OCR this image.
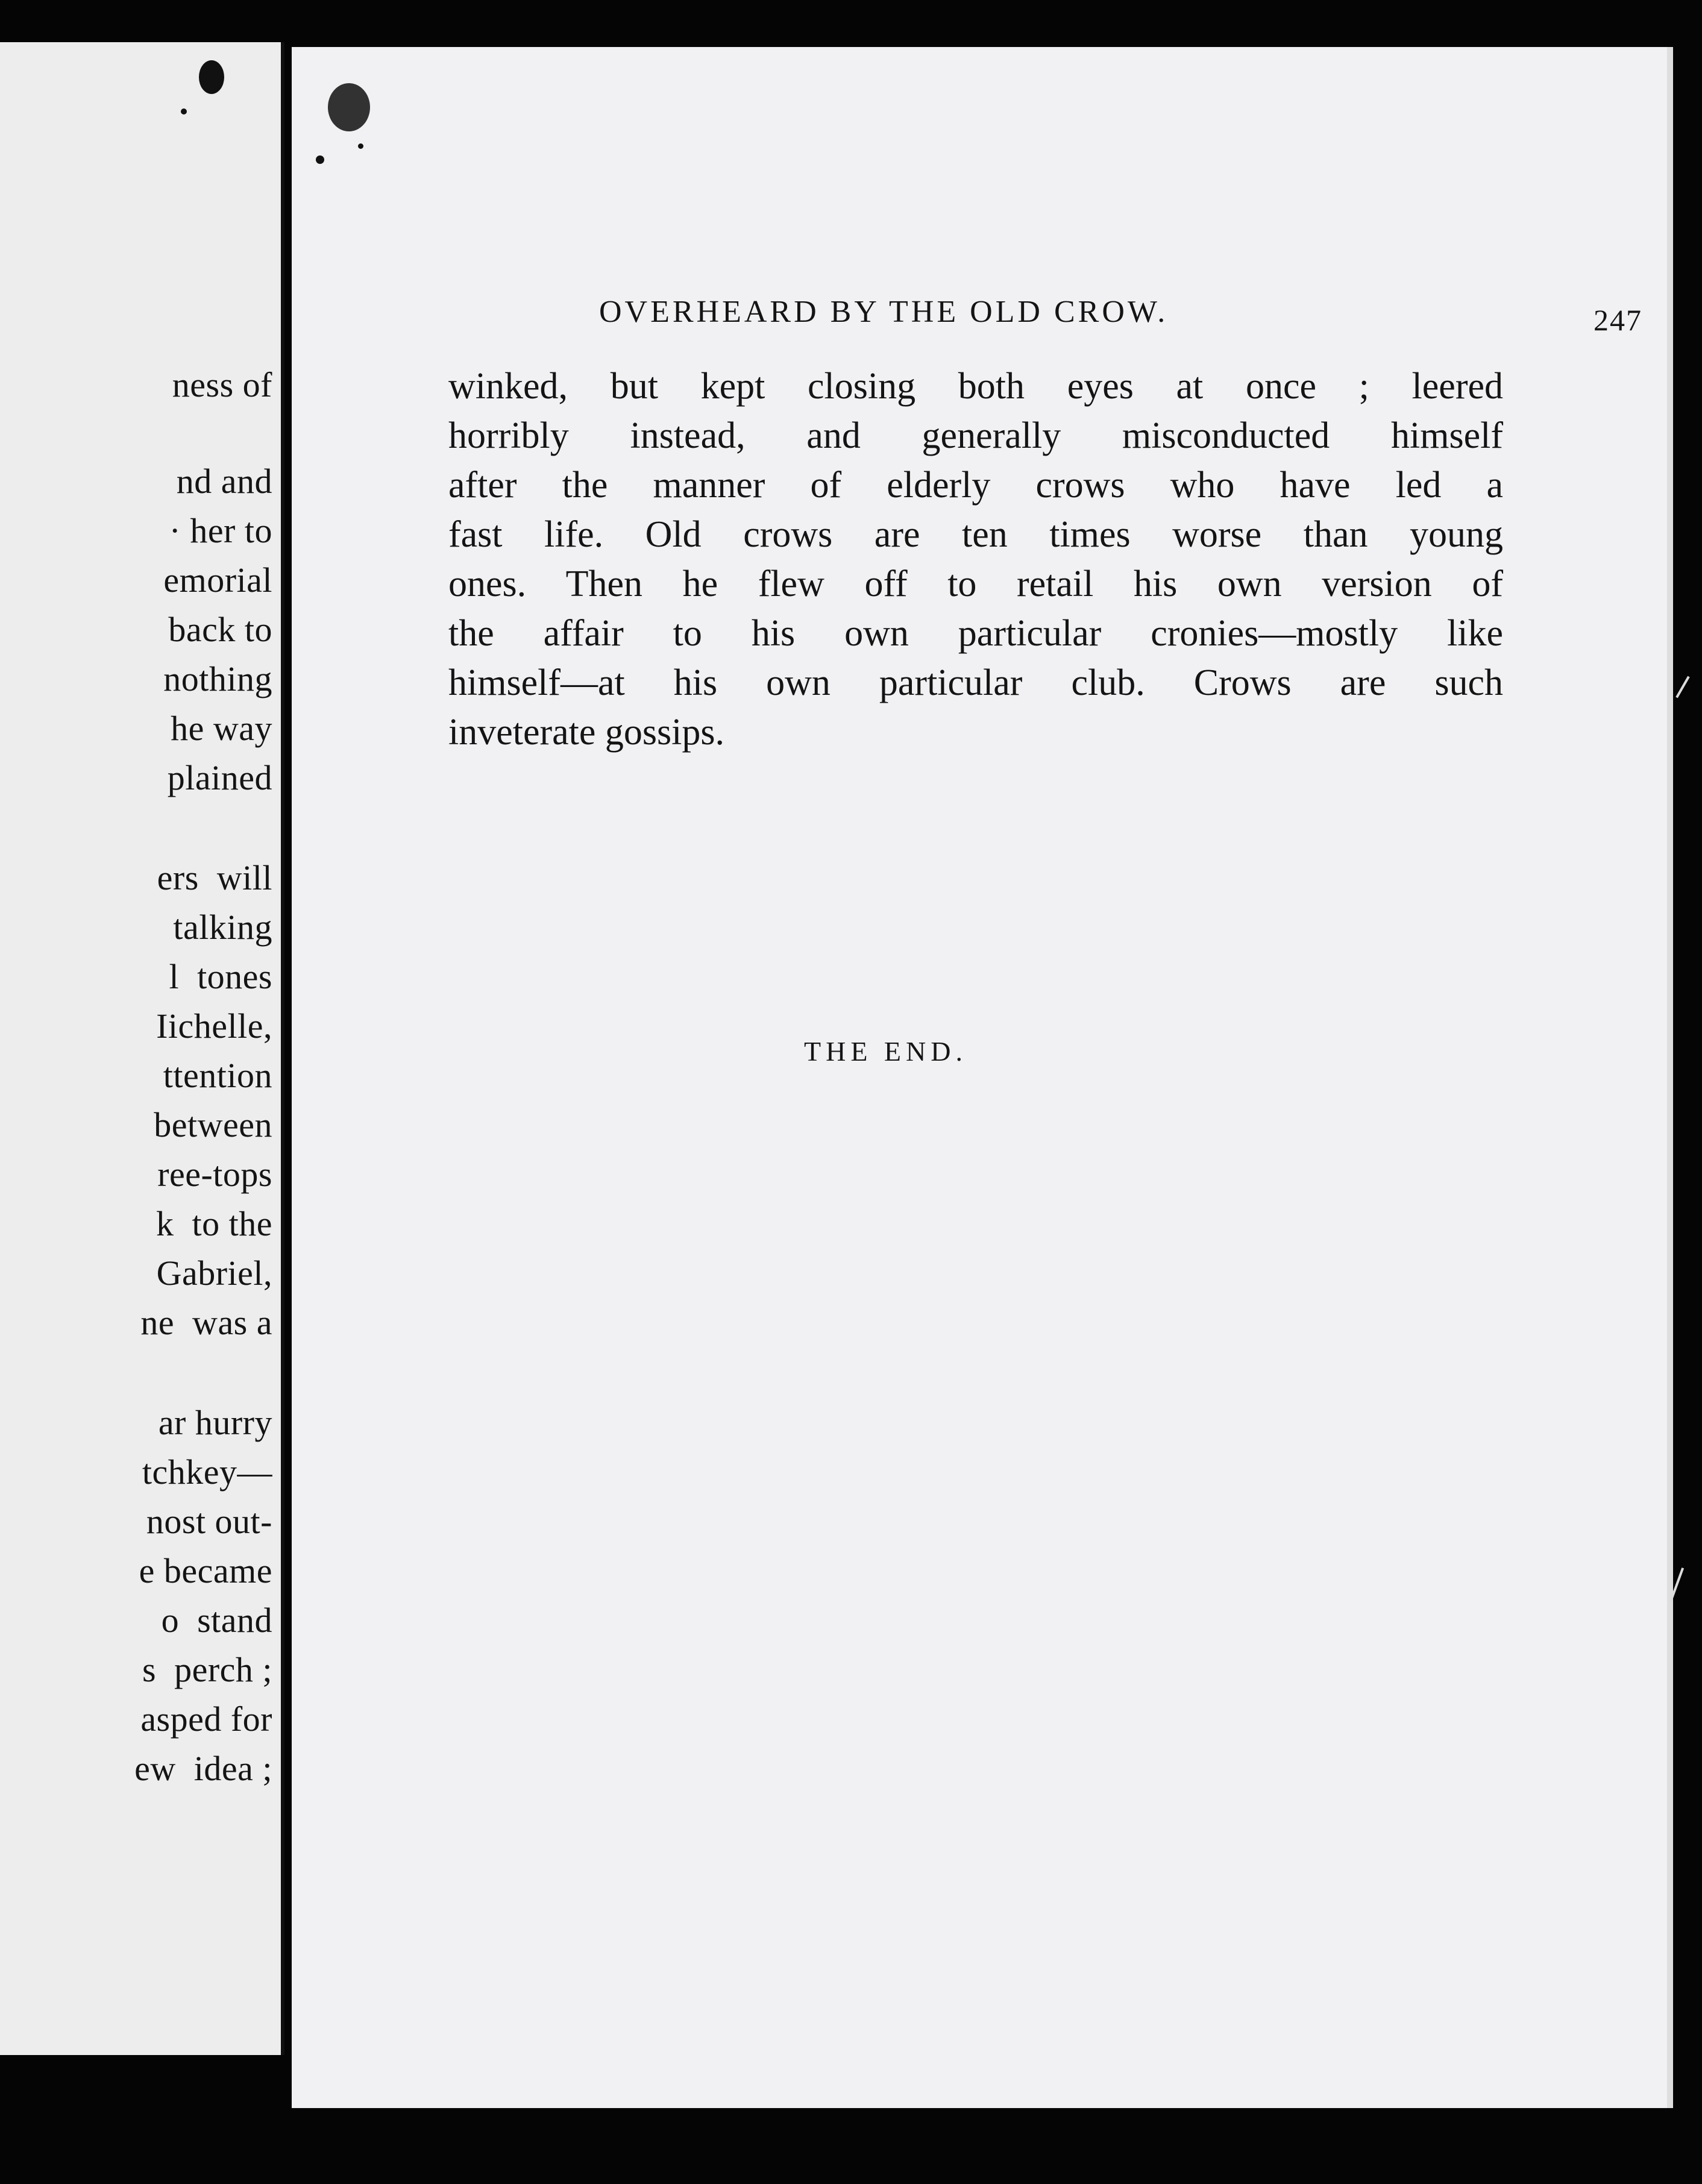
ness of
nd and
· her to
emorial
back to
nothing
he way
plained
ers  will
talking
l  tones
Iichelle,
ttention
between
ree-tops
k  to the
Gabriel,
ne  was a
ar hurry
tchkey—
nost out-
e became
o  stand
s  perch ;
asped for
ew  idea ;
OVERHEARD BY THE OLD CROW.	247
winked, but kept closing both eyes at once ; leered
horribly instead, and generally misconducted himself
after the manner of elderly crows who have led a
fast life. Old crows are ten times worse than young
ones. Then he flew off to retail his own version of
the affair to his own particular cronies—mostly like
himself—at his own particular club. Crows are such
inveterate gossips.
THE END.
